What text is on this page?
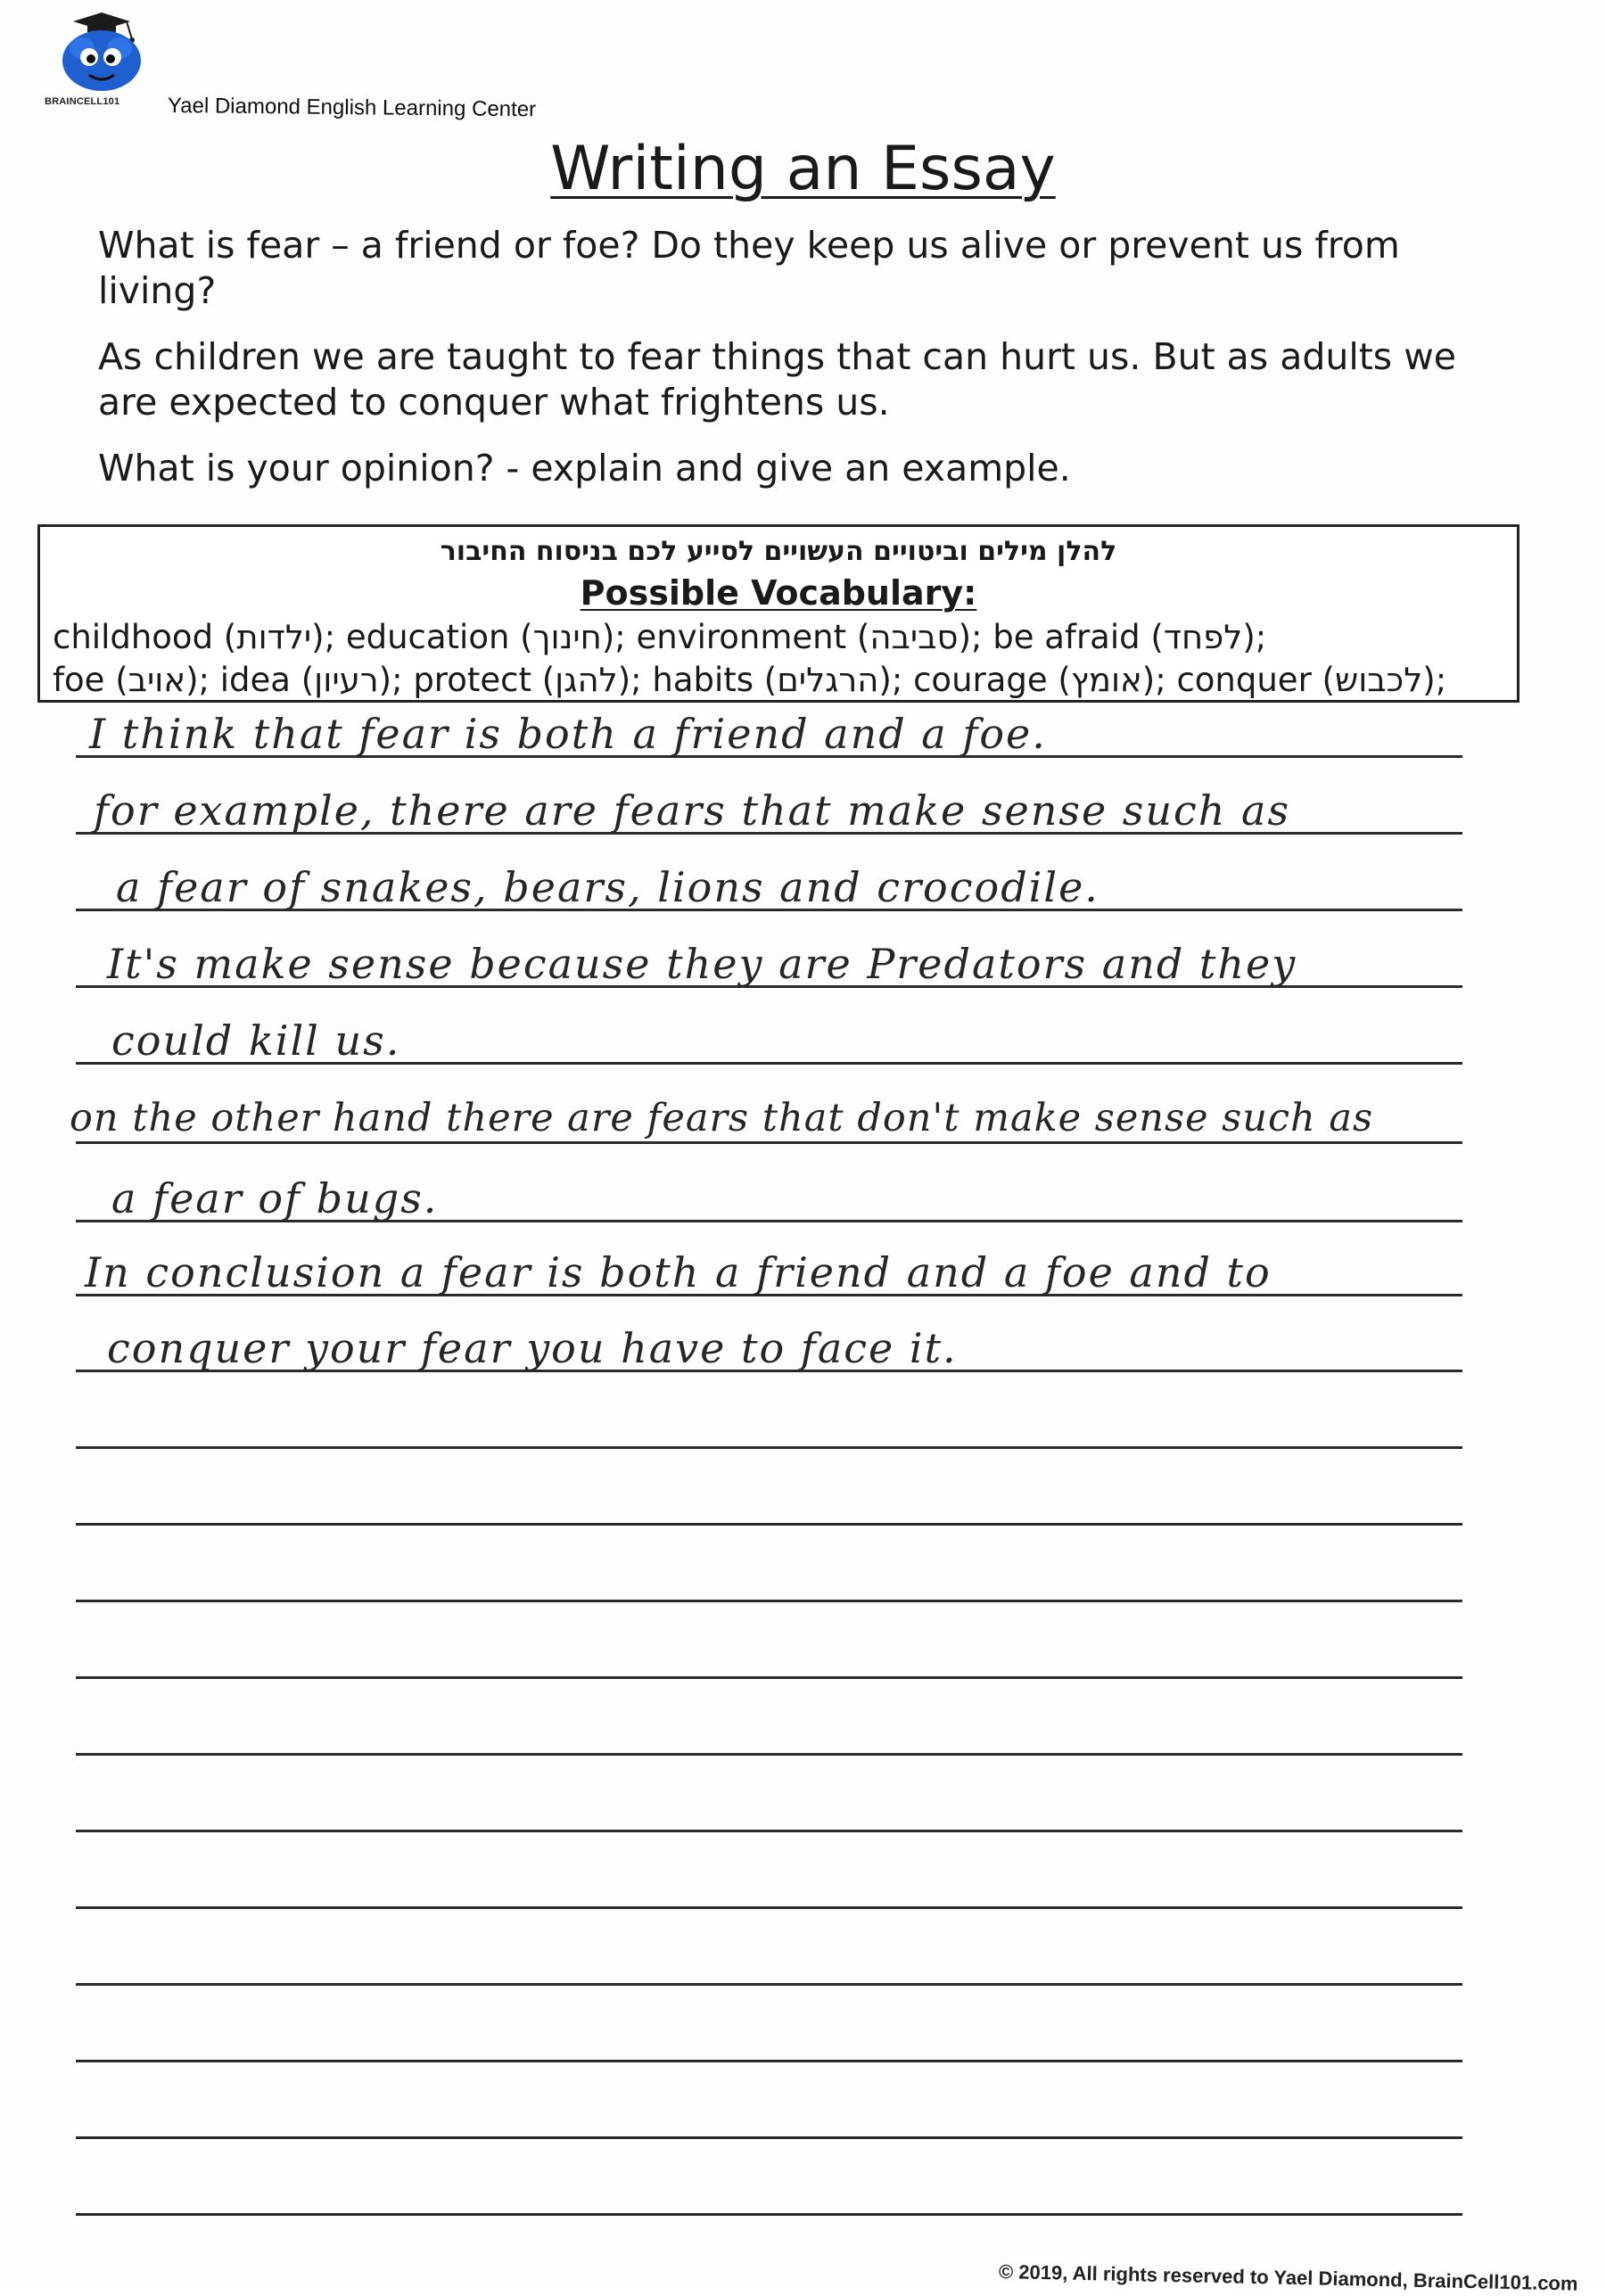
BRAINCELL101 Yael Diamond English Learning Center
Writing an Essay
What is fear – a friend or foe? Do they keep us alive or prevent us from living?
As children we are taught to fear things that can hurt us. But as adults we are expected to conquer what frightens us.
What is your opinion? - explain and give an example.
להלן מילים וביטויים העשויים לסייע לכם בניסוח החיבור
Possible Vocabulary:
childhood (ילדות); education (חינוך); environment (סביבה); be afraid (לפחד);
foe (אויב); idea (רעיון); protect (להגן); habits (הרגלים); courage (אומץ); conquer (לכבוש);
I think that fear is both a friend and a foe.
for example, there are fears that make sense such as
a fear of snakes, bears, lions and crocodile.
It's make sense because they are Predators and they
could kill us.
on the other hand there are fears that don't make sense such as
a fear of bugs.
In conclusion a fear is both a friend and a foe and to
conquer your fear you have to face it.
© 2019, All rights reserved to Yael Diamond, BrainCell101.com
